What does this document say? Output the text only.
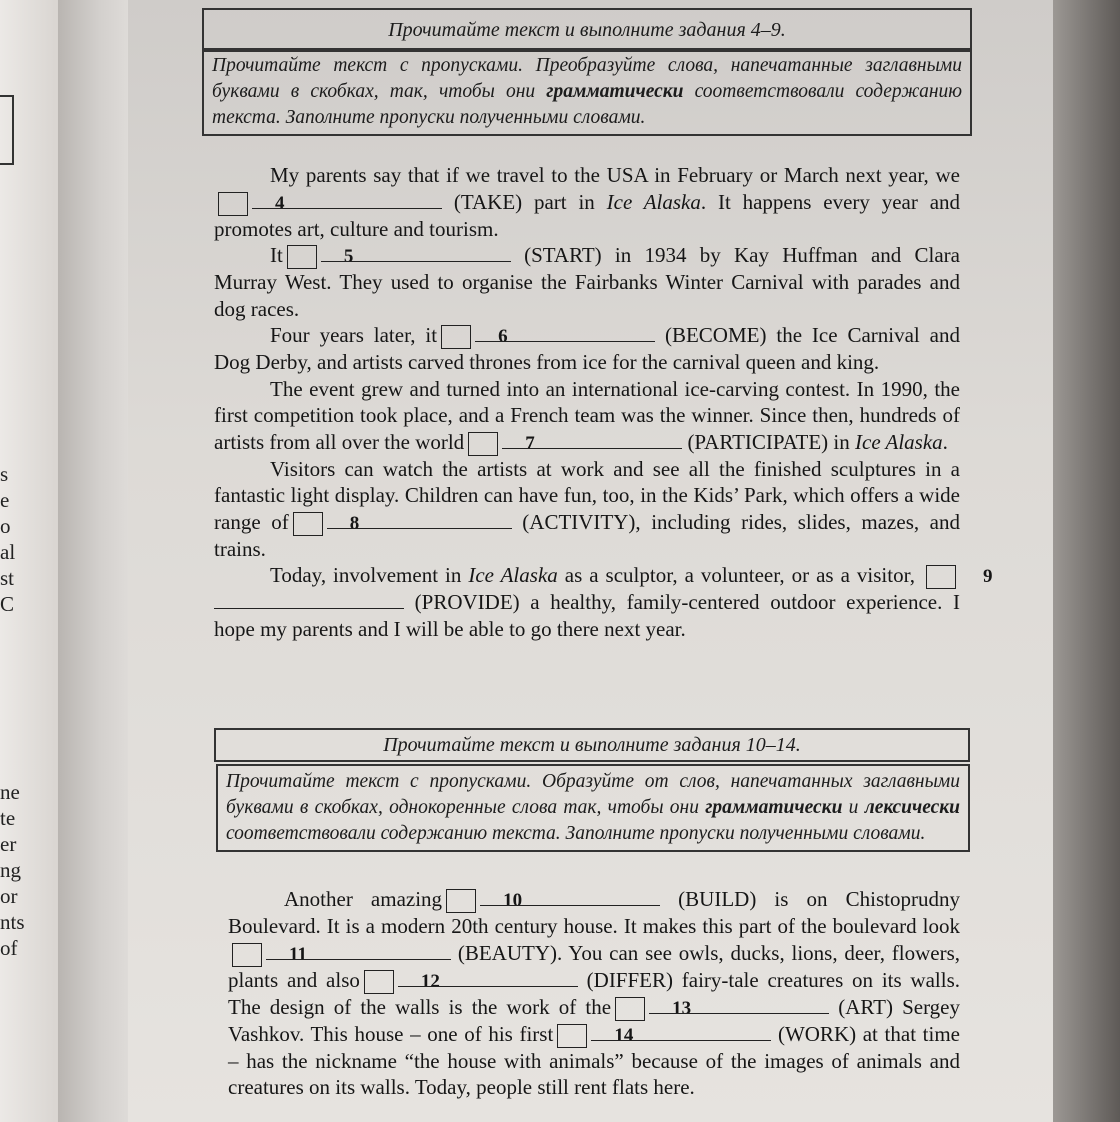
s
e
o
al
st
C
ne
te
er
ng
or
nts
of
Прочитайте текст и выполните задания 4–9.
Прочитайте текст с пропусками. Преобразуйте слова, напечатанные заглавными буквами в скобках, так, чтобы они грамматически соответствовали содержанию текста. Заполните пропуски полученными словами.

My parents say that if we travel to the USA in February or March next year, we4	(TAKE) part in Ice Alaska. It happens every year and promotes art, culture and tourism.

It	5	(START) in 1934 by Kay Huffman and Clara Murray West. They used to organise the Fairbanks Winter Carnival with parades and dog races.

Four years later, it	6	(BECOME) the Ice Carnival and Dog Derby, and artists carved thrones from ice for the carnival queen and king.

The event grew and turned into an international ice-carving contest. In 1990, the first competition took place, and a French team was the winner. Since then, hundreds of artists from all over the world	7	(PARTICIPATE) in Ice Alaska.

Visitors can watch the artists at work and see all the finished sculptures in a fantastic light display. Children can have fun, too, in the Kids’ Park, which offers a wide range of	8	(ACTIVITY), including rides, slides, mazes, and trains.

Today, involvement in Ice Alaska as a sculptor, a volunteer, or as a visitor,	9 (PROVIDE) a healthy, family-centered outdoor experience. I hope my parents and I will be able to go there next year.

Прочитайте текст и выполните задания 10–14.
Прочитайте текст с пропусками. Образуйте от слов, напечатанных заглавными буквами в скобках, однокоренные слова так, чтобы они грамматически и лексически соответствовали содержанию текста. Заполните пропуски полученными словами.

Another amazing	10	(BUILD) is on Chistoprudny Boulevard. It is a modern 20th century house. It makes this part of the boulevard look11	(BEAUTY). You can see owls, ducks, lions, deer, flowers, plants and also	12	(DIFFER) fairy-tale creatures on its walls. The design of the walls is the work of the	13	(ART) Sergey Vashkov. This house – one of his first	14	(WORK) at that time – has the nickname “the house with animals” because of the images of animals and creatures on its walls. Today, people still rent flats here.
